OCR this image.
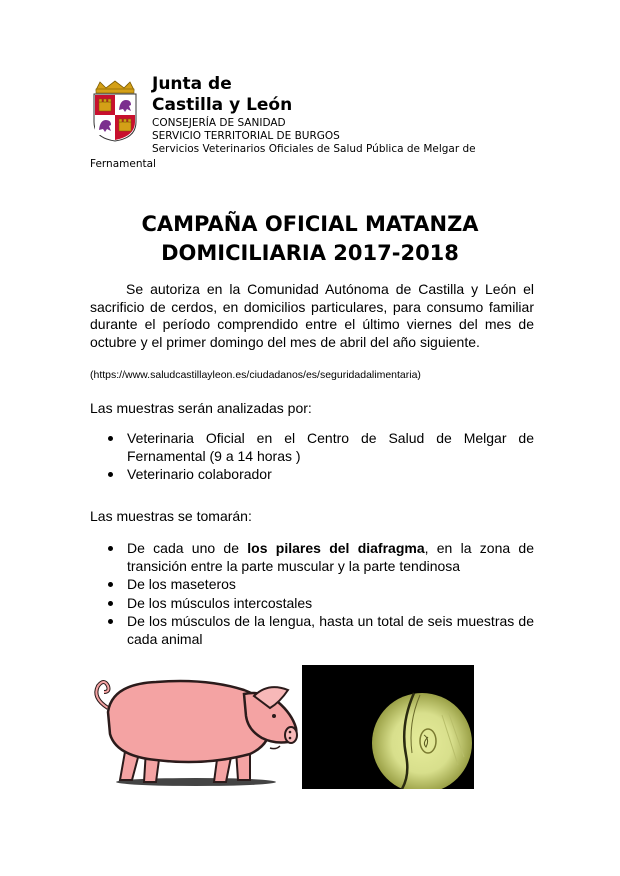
Junta de
Castilla y León
CONSEJERÍA DE SANIDAD
SERVICIO TERRITORIAL DE BURGOS
Servicios Veterinarios Oficiales de Salud Pública de Melgar de
Fernamental
CAMPAÑA OFICIAL MATANZA
DOMICILIARIA 2017-2018
Se autoriza en la Comunidad Autónoma de Castilla y León el sacrificio de cerdos, en domicilios particulares, para consumo familiar durante el período comprendido entre el último viernes del mes de octubre y el primer domingo del mes de abril del año siguiente.
(https://www.saludcastillayleon.es/ciudadanos/es/seguridadalimentaria)
Las muestras serán analizadas por:
Veterinaria Oficial en el Centro de Salud de Melgar de Fernamental (9 a 14 horas )
Veterinario colaborador
Las muestras se tomarán:
De cada uno de los pilares del diafragma, en la zona de transición entre la parte muscular y la parte tendinosa
De los maseteros
De los músculos intercostales
De los músculos de la lengua, hasta un total de seis muestras de cada animal
